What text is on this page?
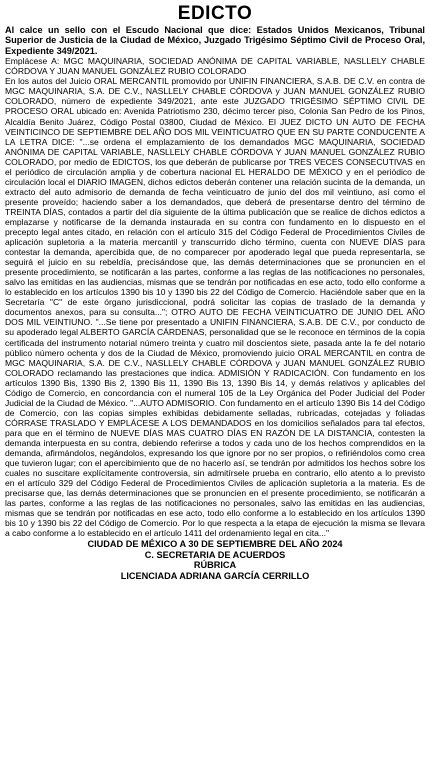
EDICTO

Al calce un sello con el Escudo Nacional que dice: Estados Unidos Mexicanos, Tribunal Superior de Justicia de la Ciudad de México, Juzgado Trigésimo Séptimo Civil de Proceso Oral, Expediente 349/2021.

Emplácese A: MGC MAQUINARIA, SOCIEDAD ANÓNIMA DE CAPITAL VARIABLE, NASLLELY CHABLE CÓRDOVA Y JUAN MANUEL GONZÁLEZ RUBIO COLORADO

En los autos del Juicio ORAL MERCANTIL promovido por UNIFIN FINANCIERA, S.A.B. DE C.V. en contra de MGC MAQUINARIA, S.A. DE C.V., NASLLELY CHABLE CÓRDOVA y JUAN MANUEL GONZÁLEZ RUBIO COLORADO, número de expediente 349/2021, ante este JUZGADO TRIGÉSIMO SÉPTIMO CIVIL DE PROCESO ORAL ubicado en: Avenida Patriotismo 230, décimo tercer piso, Colonia San Pedro de los Pinos, Alcaldía Benito Juárez, Código Postal 03800, Ciudad de México. El JUEZ DICTO UN AUTO DE FECHA VEINTICINCO DE SEPTIEMBRE DEL AÑO DOS MIL VEINTICUATRO QUE EN SU PARTE CONDUCENTE A LA LETRA DICE: "...se ordena el emplazamiento de los demandados MGC MAQUINARIA, SOCIEDAD ANÓNIMA DE CAPITAL VARIABLE, NASLLELY CHABLE CÓRDOVA Y JUAN MANUEL GONZÁLEZ RUBIO COLORADO, por medio de EDICTOS, los que deberán de publicarse por TRES VECES CONSECUTIVAS en el periódico de circulación amplia y de cobertura nacional EL HERALDO DE MÉXICO y en el periódico de circulación local el DIARIO IMAGEN, dichos edictos deberán contener una relación sucinta de la demanda, un extracto del auto admisorio de demanda de fecha veinticuatro de junio del dos mil veintiuno, así como el presente proveído; haciendo saber a los demandados, que deberá de presentarse dentro del término de TREINTA DÍAS, contados a partir del día siguiente de la última publicación que se realice de dichos edictos a emplazarse y notificarse de la demanda instaurada en su contra con fundamento en lo dispuesto en el precepto legal antes citado, en relación con el artículo 315 del Código Federal de Procedimientos Civiles de aplicación supletoria a la materia mercantil y transcurrido dicho término, cuenta con NUEVE DÍAS para contestar la demanda, apercibida que, de no comparecer por apoderado legal que pueda representarla, se seguirá el juicio en su rebeldía, precisándose que, las demás determinaciones que se pronuncien en el presente procedimiento, se notificarán a las partes, conforme a las reglas de las notificaciones no personales, salvo las emitidas en las audiencias, mismas que se tendrán por notificadas en ese acto, todo ello conforme a lo establecido en los artículos 1390 bis 10 y 1390 bis 22 del Código de Comercio. Haciéndole saber que en la Secretaría "C" de este órgano jurisdiccional, podrá solicitar las copias de traslado de la demanda y documentos anexos, para su consulta..."; OTRO AUTO DE FECHA VEINTICUATRO DE JUNIO DEL AÑO DOS MIL VEINTIUNO. "...Se tiene por presentado a UNIFIN FINANCIERA, S.A.B. DE C.V., por conducto de su apoderado legal ALBERTO GARCÍA CÁRDENAS, personalidad que se le reconoce en términos de la copia certificada del instrumento notarial número treinta y cuatro mil doscientos siete, pasada ante la fe del notario público número ochenta y dos de la Ciudad de México, promoviendo juicio ORAL MERCANTIL en contra de MGC MAQUINARIA, S.A. DE C.V., NASLLELY CHABLE CÓRDOVA y JUAN MANUEL GONZÁLEZ RUBIO COLORADO reclamando las prestaciones que indica. ADMISIÓN Y RADICACIÓN. Con fundamento en los artículos 1390 Bis, 1390 Bis 2, 1390 Bis 11, 1390 Bis 13, 1390 Bis 14, y demás relativos y aplicables del Código de Comercio, en concordancia con el numeral 105 de la Ley Orgánica del Poder Judicial del Poder Judicial de la Ciudad de México. "...AUTO ADMISORIO. Con fundamento en el artículo 1390 Bis 14 del Código de Comercio, con las copias simples exhibidas debidamente selladas, rubricadas, cotejadas y foliadas CÓRRASE TRASLADO Y EMPLÁCESE A LOS DEMANDADOS en los domicilios señalados para tal efectos, para que en el término de NUEVE DÍAS MAS CUATRO DÍAS EN RAZÓN DE LA DISTANCIA, contesten la demanda interpuesta en su contra, debiendo referirse a todos y cada uno de los hechos comprendidos en la demanda, afirmándolos, negándolos, expresando los que ignore por no ser propios, o refiriéndolos como crea que tuvieron lugar; con el apercibimiento que de no hacerlo así, se tendrán por admitidos los hechos sobre los cuales no suscitare explícitamente controversia, sin admitírsele prueba en contrario, ello atento a lo previsto en el artículo 329 del Código Federal de Procedimientos Civiles de aplicación supletoria a la materia. Es de precisarse que, las demás determinaciones que se pronuncien en el presente procedimiento, se notificarán a las partes, conforme a las reglas de las notificaciones no personales, salvo las emitidas en las audiencias, mismas que se tendrán por notificadas en ese acto, todo ello conforme a lo establecido en los artículos 1390 bis 10 y 1390 bis 22 del Código de Comercio. Por lo que respecta a la etapa de ejecución la misma se llevara a cabo conforme a lo establecido en el artículo 1411 del ordenamiento legal en cita..."

CIUDAD DE MÉXICO A 30 DE SEPTIEMBRE DEL AÑO 2024
C. SECRETARIA DE ACUERDOS
RÚBRICA
LICENCIADA ADRIANA GARCÍA CERRILLO
